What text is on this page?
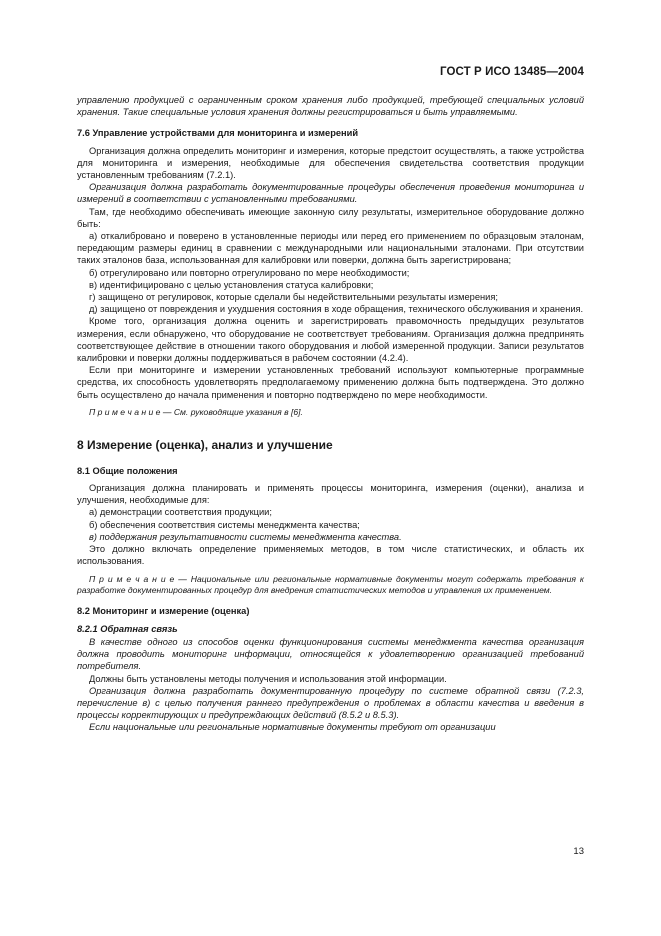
ГОСТ Р ИСО 13485—2004

управлению продукцией с ограниченным сроком хранения либо продукцией, требующей специальных условий хранения. Такие специальные условия хранения должны регистрироваться и быть управляемыми.

7.6 Управление устройствами для мониторинга и измерений

Организация должна определить мониторинг и измерения, которые предстоит осуществлять, а также устройства для мониторинга и измерения, необходимые для обеспечения свидетельства соответствия продукции установленным требованиям (7.2.1).

Организация должна разработать документированные процедуры обеспечения проведения мониторинга и измерений в соответствии с установленными требованиями.

Там, где необходимо обеспечивать имеющие законную силу результаты, измерительное оборудование должно быть:

а) откалибровано и поверено в установленные периоды или перед его применением по образцовым эталонам, передающим размеры единиц в сравнении с международными или национальными эталонами. При отсутствии таких эталонов база, использованная для калибровки или поверки, должна быть зарегистрирована;

б) отрегулировано или повторно отрегулировано по мере необходимости;

в) идентифицировано с целью установления статуса калибровки;

г) защищено от регулировок, которые сделали бы недействительными результаты измерения;

д) защищено от повреждения и ухудшения состояния в ходе обращения, технического обслуживания и хранения.

Кроме того, организация должна оценить и зарегистрировать правомочность предыдущих результатов измерения, если обнаружено, что оборудование не соответствует требованиям. Организация должна предпринять соответствующее действие в отношении такого оборудования и любой измеренной продукции. Записи результатов калибровки и поверки должны поддерживаться в рабочем состоянии (4.2.4).

Если при мониторинге и измерении установленных требований используют компьютерные программные средства, их способность удовлетворять предполагаемому применению должна быть подтверждена. Это должно быть осуществлено до начала применения и повторно подтверждено по мере необходимости.

П р и м е ч а н и е — См. руководящие указания в [6].

8 Измерение (оценка), анализ и улучшение

8.1 Общие положения

Организация должна планировать и применять процессы мониторинга, измерения (оценки), анализа и улучшения, необходимые для:

а) демонстрации соответствия продукции;

б) обеспечения соответствия системы менеджмента качества;

в) поддержания результативности системы менеджмента качества.

Это должно включать определение применяемых методов, в том числе статистических, и область их использования.

П р и м е ч а н и е — Национальные или региональные нормативные документы могут содержать требования к разработке документированных процедур для внедрения статистических методов и управления их применением.

8.2 Мониторинг и измерение (оценка)

8.2.1 Обратная связь

В качестве одного из способов оценки функционирования системы менеджмента качества организация должна проводить мониторинг информации, относящейся к удовлетворению организацией требований потребителя.

Должны быть установлены методы получения и использования этой информации.

Организация должна разработать документированную процедуру по системе обратной связи (7.2.3, перечисление в) с целью получения раннего предупреждения о проблемах в области качества и введения в процессы корректирующих и предупреждающих действий (8.5.2 и 8.5.3).

Если национальные или региональные нормативные документы требуют от организации

13
